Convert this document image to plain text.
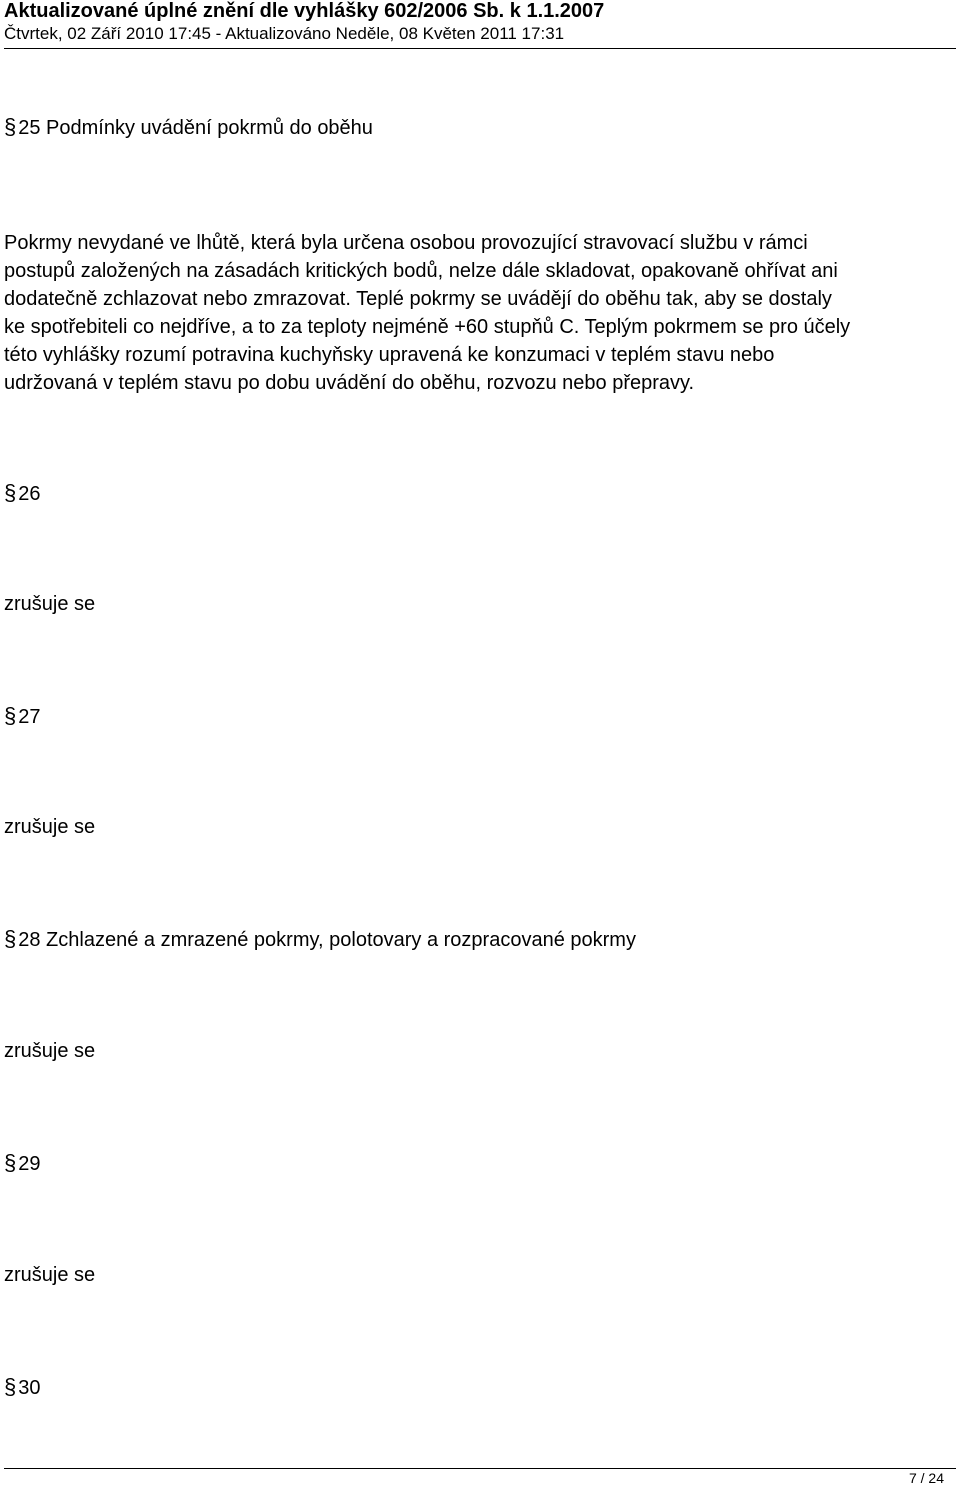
Aktualizované úplné znění dle vyhlášky 602/2006 Sb. k 1.1.2007
Čtvrtek, 02 Září 2010 17:45 - Aktualizováno Neděle, 08 Květen 2011 17:31
§ 25 Podmínky uvádění pokrmů do oběhu
Pokrmy nevydané ve lhůtě, která byla určena osobou provozující stravovací službu v rámci
postupů založených na zásadách kritických bodů, nelze dále skladovat, opakovaně ohřívat ani
dodatečně zchlazovat nebo zmrazovat. Teplé pokrmy se uvádějí do oběhu tak, aby se dostaly
ke spotřebiteli co nejdříve, a to za teploty nejméně +60 stupňů C. Teplým pokrmem se pro účely
této vyhlášky rozumí potravina kuchyňsky upravená ke konzumaci v teplém stavu nebo
udržovaná v teplém stavu po dobu uvádění do oběhu, rozvozu nebo přepravy.
§ 26
zrušuje se
§ 27
zrušuje se
§ 28 Zchlazené a zmrazené pokrmy, polotovary a rozpracované pokrmy
zrušuje se
§ 29
zrušuje se
§ 30
7 / 24
